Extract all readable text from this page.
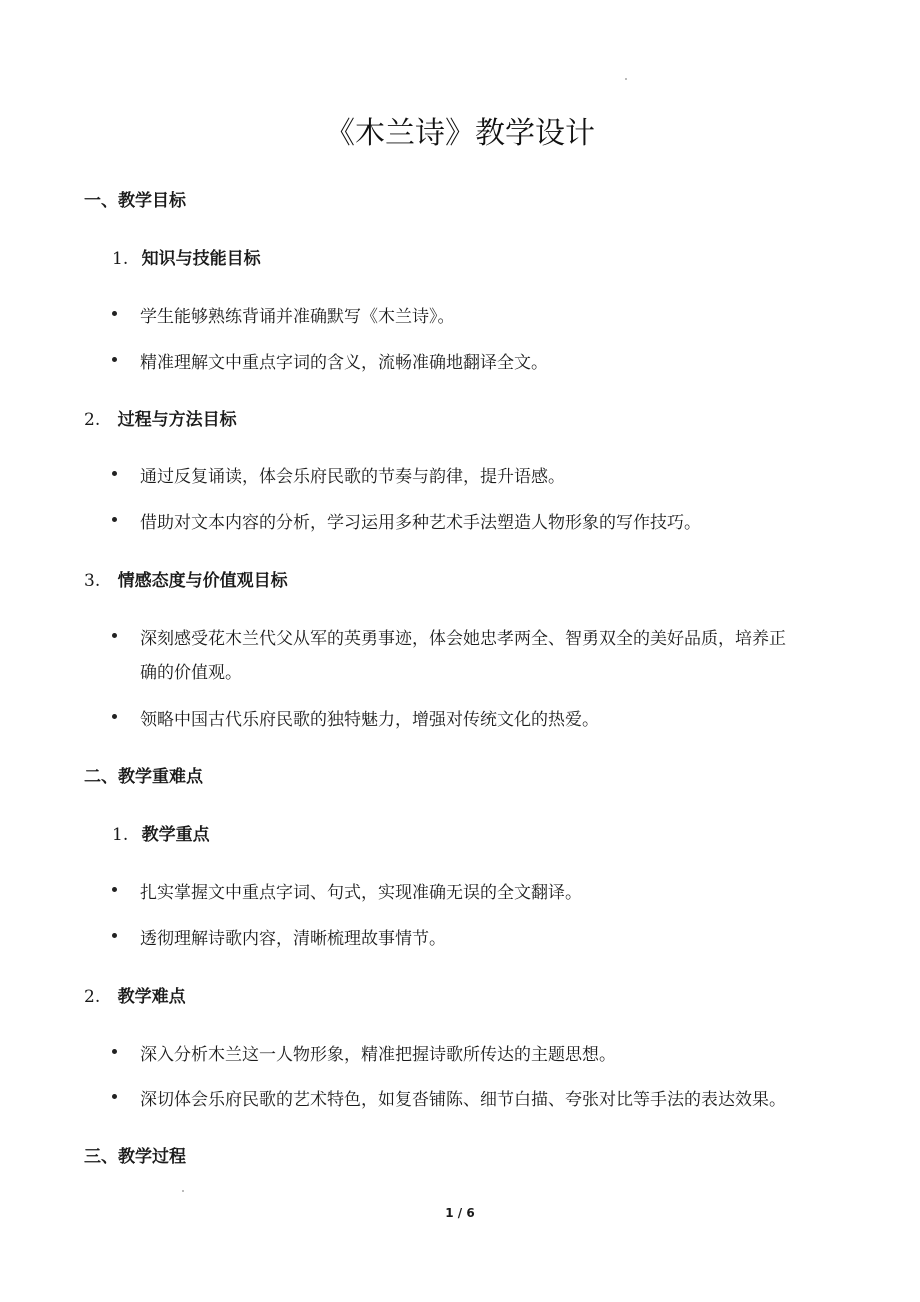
《木兰诗》教学设计
一、教学目标
1. 知识与技能目标
学生能够熟练背诵并准确默写《木兰诗》。
精准理解文中重点字词的含义，流畅准确地翻译全文。
2. 过程与方法目标
通过反复诵读，体会乐府民歌的节奏与韵律，提升语感。
借助对文本内容的分析，学习运用多种艺术手法塑造人物形象的写作技巧。
3. 情感态度与价值观目标
深刻感受花木兰代父从军的英勇事迹，体会她忠孝两全、智勇双全的美好品质，培养正
确的价值观。
领略中国古代乐府民歌的独特魅力，增强对传统文化的热爱。
二、教学重难点
1. 教学重点
扎实掌握文中重点字词、句式，实现准确无误的全文翻译。
透彻理解诗歌内容，清晰梳理故事情节。
2. 教学难点
深入分析木兰这一人物形象，精准把握诗歌所传达的主题思想。
深切体会乐府民歌的艺术特色，如复沓铺陈、细节白描、夸张对比等手法的表达效果。
三、教学过程
1 / 6
